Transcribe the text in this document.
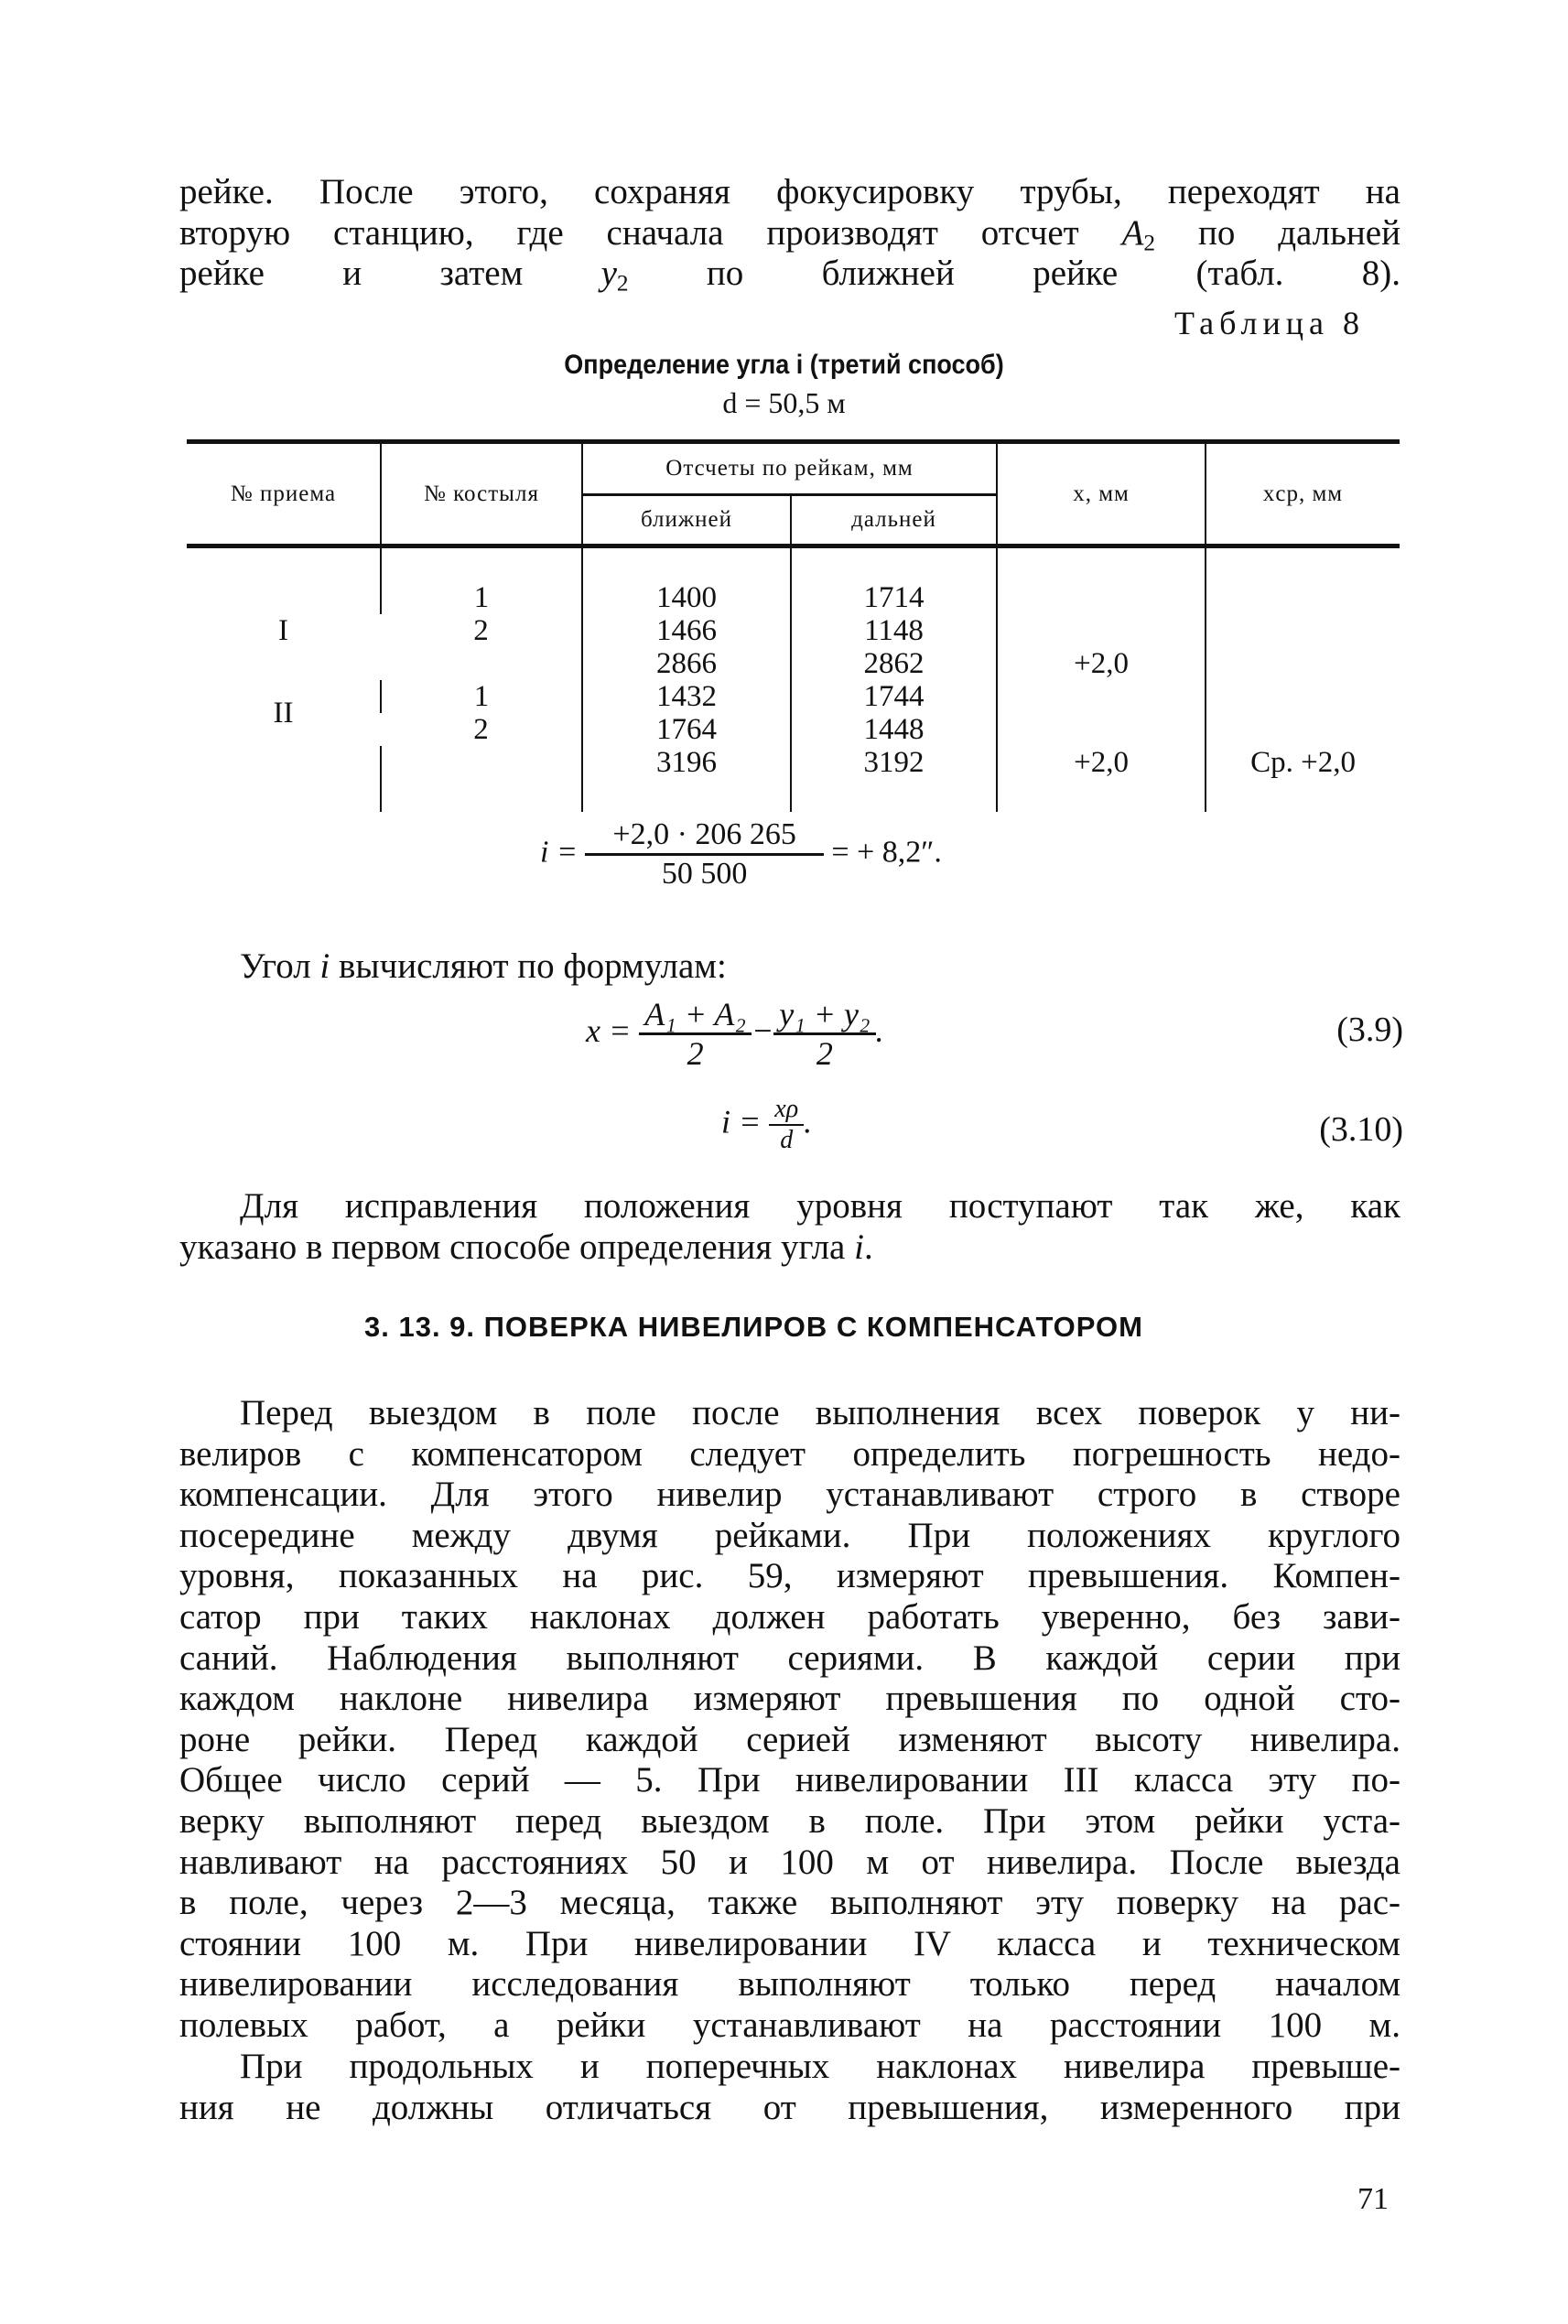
рейке. После этого, сохраняя фокусировку трубы, переходят на
вторую станцию, где сначала производят отсчет $A_2$ по дальней
рейке и затем $y_2$ по ближней рейке (табл. 8).
Таблица 8
Определение угла i (третий способ)
d = 50,5 м
№ приема	№ костыля	Отсчеты по рейкам, мм		x, мм	xср, мм
		ближней	дальней		

I	1	1400	1714		
	2	1466	1148		
		2866	2862	+2,0	
II	1	1432	1744		
	2	1764	1448		
		3196	3192	+2,0	Ср. +2,0

$i = \frac{+2,0 \cdot 206 265}{50 500}$ = + 8,2″.
Угол i вычисляют по формулам:
$x = \frac{\text{A₁ + A₂}}{2} - \frac{\text{y₁ + y₂}}{2}$ .	(3.9)
$i = \frac{x\rho}{d}$ .	(3.10)
Для исправления положения уровня поступают так же, как
указано в первом способе определения угла i.
3. 13. 9. ПОВЕРКА НИВЕЛИРОВ С КОМПЕНСАТОРОМ
Перед выездом в поле после выполнения всех поверок у ни-
велиров с компенсатором следует определить погрешность недо-
компенсации. Для этого нивелир устанавливают строго в створе
посередине между двумя рейками. При положениях круглого
уровня, показанных на рис. 59, измеряют превышения. Компен-
сатор при таких наклонах должен работать уверенно, без зави-
саний. Наблюдения выполняют сериями. В каждой серии при
каждом наклоне нивелира измеряют превышения по одной сто-
роне рейки. Перед каждой серией изменяют высоту нивелира.
Общее число серий — 5. При нивелировании III класса эту по-
верку выполняют перед выездом в поле. При этом рейки уста-
навливают на расстояниях 50 и 100 м от нивелира. После выезда
в поле, через 2—3 месяца, также выполняют эту поверку на рас-
стоянии 100 м. При нивелировании IV класса и техническом
нивелировании исследования выполняют только перед началом
полевых работ, а рейки устанавливают на расстоянии 100 м.
При продольных и поперечных наклонах нивелира превыше-
ния не должны отличаться от превышения, измеренного при
71
